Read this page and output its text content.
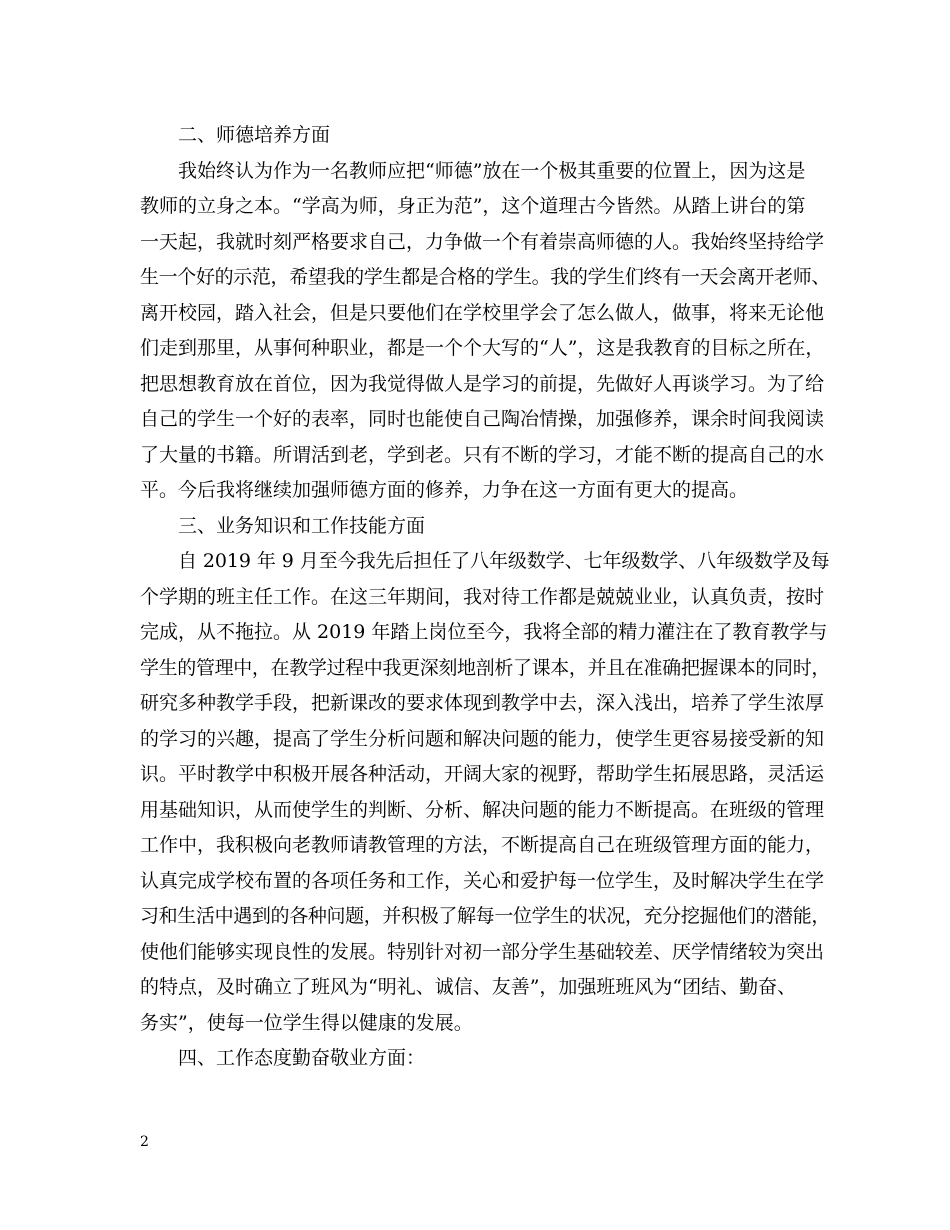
二、师德培养方面
我始终认为作为一名教师应把“师德”放在一个极其重要的位置上，因为这是
教师的立身之本。“学高为师，身正为范”，这个道理古今皆然。从踏上讲台的第
一天起，我就时刻严格要求自己，力争做一个有着崇高师德的人。我始终坚持给学
生一个好的示范，希望我的学生都是合格的学生。我的学生们终有一天会离开老师、
离开校园，踏入社会，但是只要他们在学校里学会了怎么做人，做事，将来无论他
们走到那里，从事何种职业，都是一个个大写的“人”，这是我教育的目标之所在，
把思想教育放在首位，因为我觉得做人是学习的前提，先做好人再谈学习。为了给
自己的学生一个好的表率，同时也能使自己陶冶情操，加强修养，课余时间我阅读
了大量的书籍。所谓活到老，学到老。只有不断的学习，才能不断的提高自己的水
平。今后我将继续加强师德方面的修养，力争在这一方面有更大的提高。
三、业务知识和工作技能方面
自 2019 年 9 月至今我先后担任了八年级数学、七年级数学、八年级数学及每
个学期的班主任工作。在这三年期间，我对待工作都是兢兢业业，认真负责，按时
完成，从不拖拉。从 2019 年踏上岗位至今，我将全部的精力灌注在了教育教学与
学生的管理中，在教学过程中我更深刻地剖析了课本，并且在准确把握课本的同时，
研究多种教学手段，把新课改的要求体现到教学中去，深入浅出，培养了学生浓厚
的学习的兴趣，提高了学生分析问题和解决问题的能力，使学生更容易接受新的知
识。平时教学中积极开展各种活动，开阔大家的视野，帮助学生拓展思路，灵活运
用基础知识，从而使学生的判断、分析、解决问题的能力不断提高。在班级的管理
工作中，我积极向老教师请教管理的方法，不断提高自己在班级管理方面的能力，
认真完成学校布置的各项任务和工作，关心和爱护每一位学生，及时解决学生在学
习和生活中遇到的各种问题，并积极了解每一位学生的状况，充分挖掘他们的潜能，
使他们能够实现良性的发展。特别针对初一部分学生基础较差、厌学情绪较为突出
的特点，及时确立了班风为“明礼、诚信、友善”，加强班班风为“团结、勤奋、
务实”，使每一位学生得以健康的发展。
四、工作态度勤奋敬业方面：
2
